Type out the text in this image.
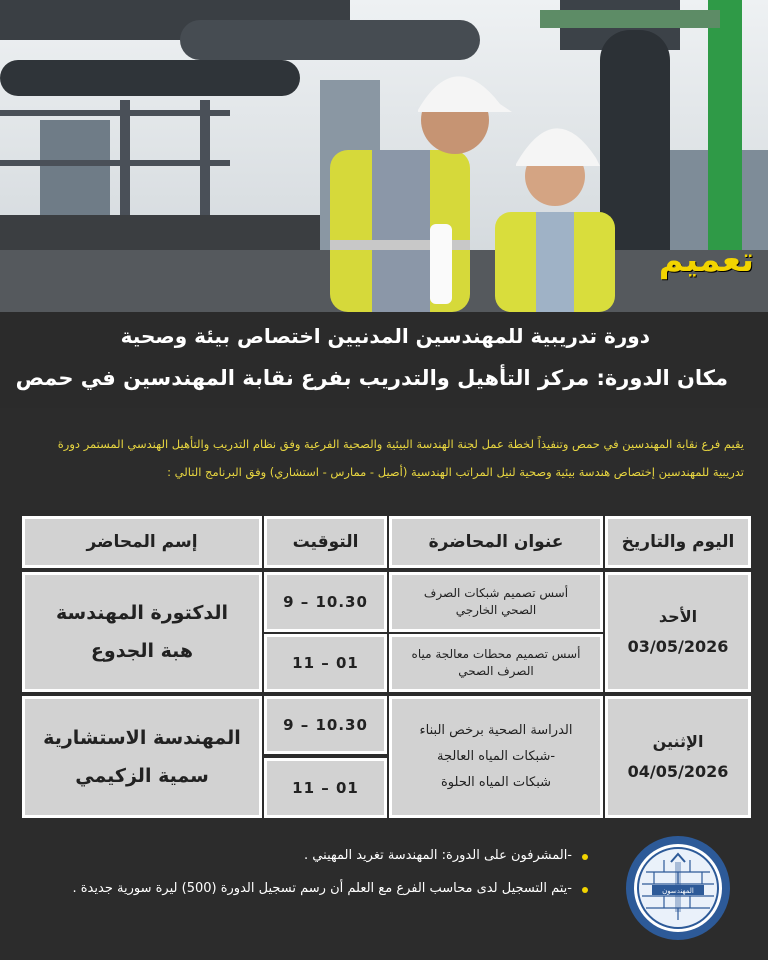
تعميم
دورة تدريبية للمهندسين المدنيين اختصاص بيئة وصحية
مكان الدورة: مركز التأهيل والتدريب بفرع نقابة المهندسين في حمص
يقيم فرع نقابة المهندسين في حمص وتنفيذاً لخطة عمل لجنة الهندسة البيئية والصحية الفرعية وفق نظام التدريب والتأهيل الهندسي المستمر دورة
تدريبية للمهندسين إختصاص هندسة بيئية وصحية لنيل المراتب الهندسية (أصيل - ممارس - استشاري) وفق البرنامج التالي :
اليوم والتاريخ
عنوان المحاضرة
التوقيت
إسم المحاضر
الأحد
03/05/2026
أسس تصميم شبكات الصرف الصحي الخارجي
أسس تصميم محطات معالجة مياه الصرف الصحي
9 – 10.30
11 – 01
الدكتورة المهندسة
هبة الجدوع
الإثنين
04/05/2026
الدراسة الصحية برخص البناء
-شبكات المياه العالجة
شبكات المياه الحلوة
9 – 10.30
11 – 01
المهندسة الاستشارية
سمية الزكيمي
-المشرفون على الدورة: المهندسة تغريد المهيني .
-يتم التسجيل لدى محاسب الفرع مع العلم أن رسم تسجيل الدورة (500) ليرة سورية جديدة .	المهندسون
